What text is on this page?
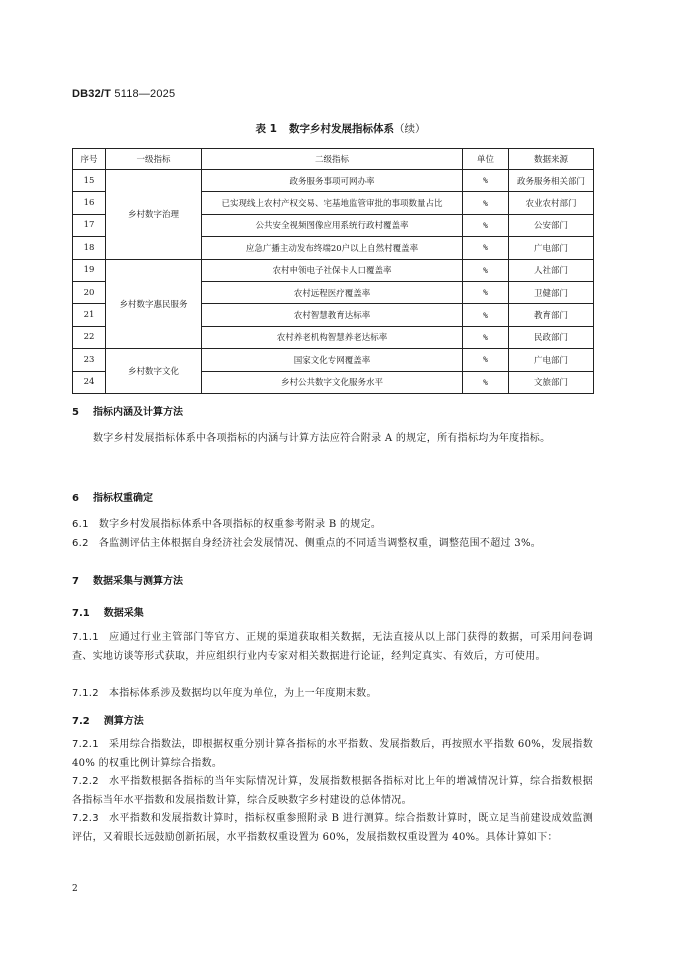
DB32/T 5118—2025
表 1 数字乡村发展指标体系（续）
序号	一级指标	二级指标	单位	数据来源
15	乡村数字治理	政务服务事项可网办率	%	政务服务相关部门
16		已实现线上农村产权交易、宅基地监管审批的事项数量占比	%	农业农村部门
17		公共安全视频图像应用系统行政村覆盖率	%	公安部门
18		应急广播主动发布终端20户以上自然村覆盖率	%	广电部门
19	乡村数字惠民服务	农村申领电子社保卡人口覆盖率	%	人社部门
20		农村远程医疗覆盖率	%	卫健部门
21		农村智慧教育达标率	%	教育部门
22		农村养老机构智慧养老达标率	%	民政部门
23	乡村数字文化	国家文化专网覆盖率	%	广电部门
24		乡村公共数字文化服务水平	%	文旅部门
5 指标内涵及计算方法
数字乡村发展指标体系中各项指标的内涵与计算方法应符合附录 A 的规定，所有指标均为年度指标。
6 指标权重确定
6.1 数字乡村发展指标体系中各项指标的权重参考附录 B 的规定。
6.2 各监测评估主体根据自身经济社会发展情况、侧重点的不同适当调整权重，调整范围不超过 3%。
7 数据采集与测算方法
7.1 数据采集
7.1.1 应通过行业主管部门等官方、正规的渠道获取相关数据，无法直接从以上部门获得的数据，可采用问卷调查、实地访谈等形式获取，并应组织行业内专家对相关数据进行论证，经判定真实、有效后，方可使用。
7.1.2 本指标体系涉及数据均以年度为单位，为上一年度期末数。
7.2 测算方法
7.2.1 采用综合指数法，即根据权重分别计算各指标的水平指数、发展指数后，再按照水平指数 60%，发展指数 40% 的权重比例计算综合指数。
7.2.2 水平指数根据各指标的当年实际情况计算，发展指数根据各指标对比上年的增减情况计算，综合指数根据各指标当年水平指数和发展指数计算，综合反映数字乡村建设的总体情况。
7.2.3 水平指数和发展指数计算时，指标权重参照附录 B 进行测算。综合指数计算时，既立足当前建设成效监测评估，又着眼长远鼓励创新拓展，水平指数权重设置为 60%，发展指数权重设置为 40%。具体计算如下：
2
